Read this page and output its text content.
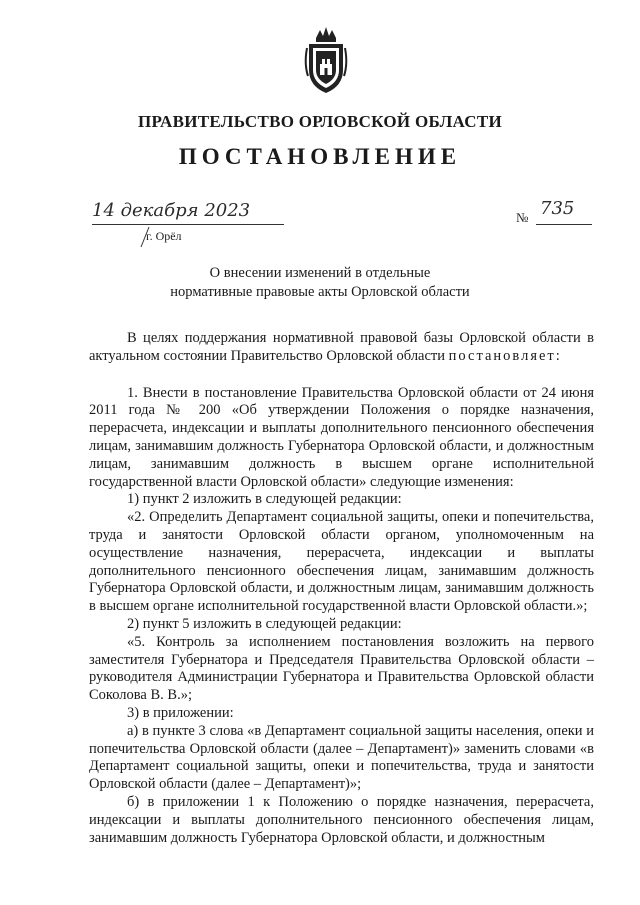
ПРАВИТЕЛЬСТВО ОРЛОВСКОЙ ОБЛАСТИ
ПОСТАНОВЛЕНИЕ
14 декабря 2023
г. Орёл
№ 735
О внесении изменений в отдельные
нормативные правовые акты Орловской области

В целях поддержания нормативной правовой базы Орловской области в актуальном состоянии Правительство Орловской области постановляет:

1. Внести в постановление Правительства Орловской области от 24 июня 2011 года № 200 «Об утверждении Положения о порядке назначения, перерасчета, индексации и выплаты дополнительного пенсионного обеспечения лицам, занимавшим должность Губернатора Орловской области, и должностным лицам, занимавшим должность в высшем органе исполнительной государственной власти Орловской области» следующие изменения:

1) пункт 2 изложить в следующей редакции:

«2. Определить Департамент социальной защиты, опеки и попечительства, труда и занятости Орловской области органом, уполномоченным на осуществление назначения, перерасчета, индексации и выплаты дополнительного пенсионного обеспечения лицам, занимавшим должность Губернатора Орловской области, и должностным лицам, занимавшим должность в высшем органе исполнительной государственной власти Орловской области.»;

2) пункт 5 изложить в следующей редакции:

«5. Контроль за исполнением постановления возложить на первого заместителя Губернатора и Председателя Правительства Орловской области – руководителя Администрации Губернатора и Правительства Орловской области Соколова В. В.»;

3) в приложении:

а) в пункте 3 слова «в Департамент социальной защиты населения, опеки и попечительства Орловской области (далее – Департамент)» заменить словами «в Департамент социальной защиты, опеки и попечительства, труда и занятости Орловской области (далее – Департамент)»;

б) в приложении 1 к Положению о порядке назначения, перерасчета, индексации и выплаты дополнительного пенсионного обеспечения лицам, занимавшим должность Губернатора Орловской области, и должностным
